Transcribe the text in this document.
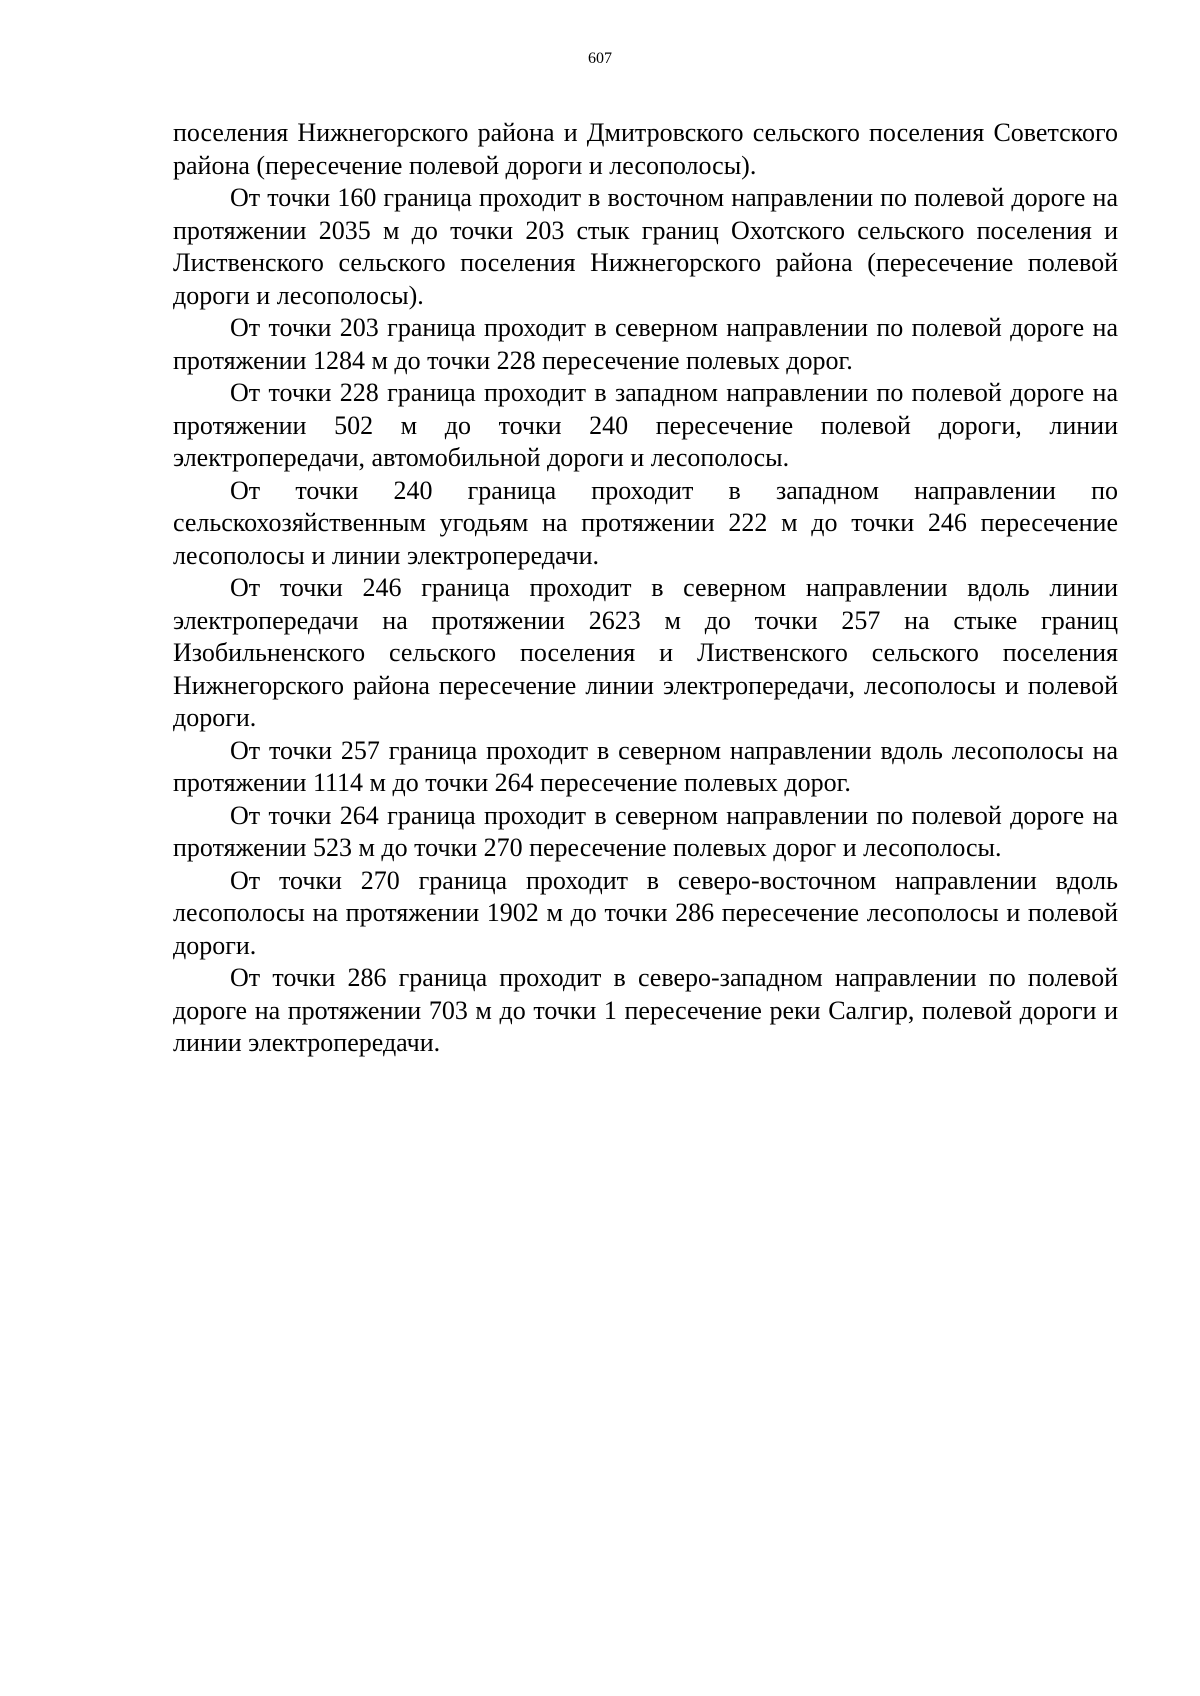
607

поселения Нижнегорского района и Дмитровского сельского поселения Советского района (пересечение полевой дороги и лесополосы).

От точки 160 граница проходит в восточном направлении по полевой дороге на протяжении 2035 м до точки 203 стык границ Охотского сельского поселения и Лиственского сельского поселения Нижнегорского района (пересечение полевой дороги и лесополосы).

От точки 203 граница проходит в северном направлении по полевой дороге на протяжении 1284 м до точки 228 пересечение полевых дорог.

От точки 228 граница проходит в западном направлении по полевой дороге на протяжении 502 м до точки 240 пересечение полевой дороги, линии электропередачи, автомобильной дороги и лесополосы.

От точки 240 граница проходит в западном направлении по сельскохозяйственным угодьям на протяжении 222 м до точки 246 пересечение лесополосы и линии электропередачи.

От точки 246 граница проходит в северном направлении вдоль линии электропередачи на протяжении 2623 м до точки 257 на стыке границ Изобильненского сельского поселения и Лиственского сельского поселения Нижнегорского района пересечение линии электропередачи, лесополосы и полевой дороги.

От точки 257 граница проходит в северном направлении вдоль лесополосы на протяжении 1114 м до точки 264 пересечение полевых дорог.

От точки 264 граница проходит в северном направлении по полевой дороге на протяжении 523 м до точки 270 пересечение полевых дорог и лесополосы.

От точки 270 граница проходит в северо-восточном направлении вдоль лесополосы на протяжении 1902 м до точки 286 пересечение лесополосы и полевой дороги.

От точки 286 граница проходит в северо-западном направлении по полевой дороге на протяжении 703 м до точки 1 пересечение реки Салгир, полевой дороги и линии электропередачи.
